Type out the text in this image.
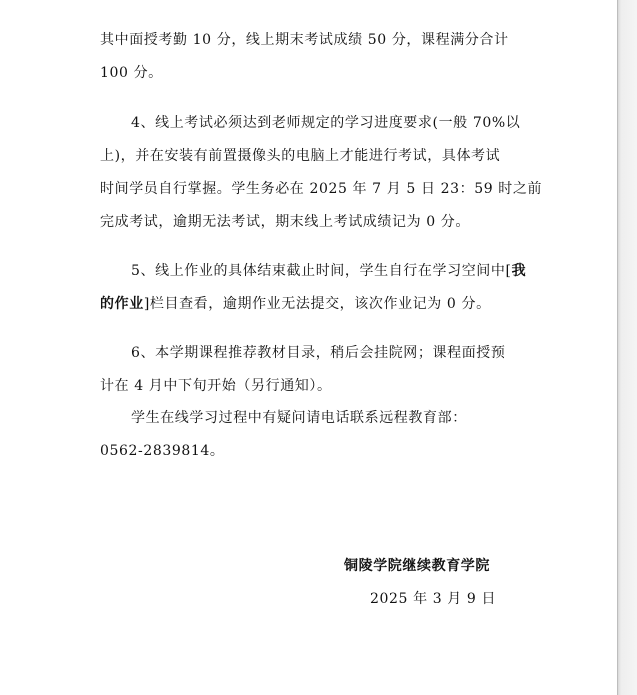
其中面授考勤 10 分，线上期末考试成绩 50 分，课程满分合计
100 分。
4、线上考试必须达到老师规定的学习进度要求(一般 70%以
上)，并在安装有前置摄像头的电脑上才能进行考试，具体考试
时间学员自行掌握。学生务必在 2025 年 7 月 5 日 23：59 时之前
完成考试，逾期无法考试，期末线上考试成绩记为 0 分。
5、线上作业的具体结束截止时间，学生自行在学习空间中[我
的作业]栏目查看，逾期作业无法提交，该次作业记为 0 分。
6、本学期课程推荐教材目录，稍后会挂院网；课程面授预
计在 4 月中下旬开始（另行通知）。
学生在线学习过程中有疑问请电话联系远程教育部：
0562-2839814。
铜陵学院继续教育学院
2025 年 3 月 9 日
